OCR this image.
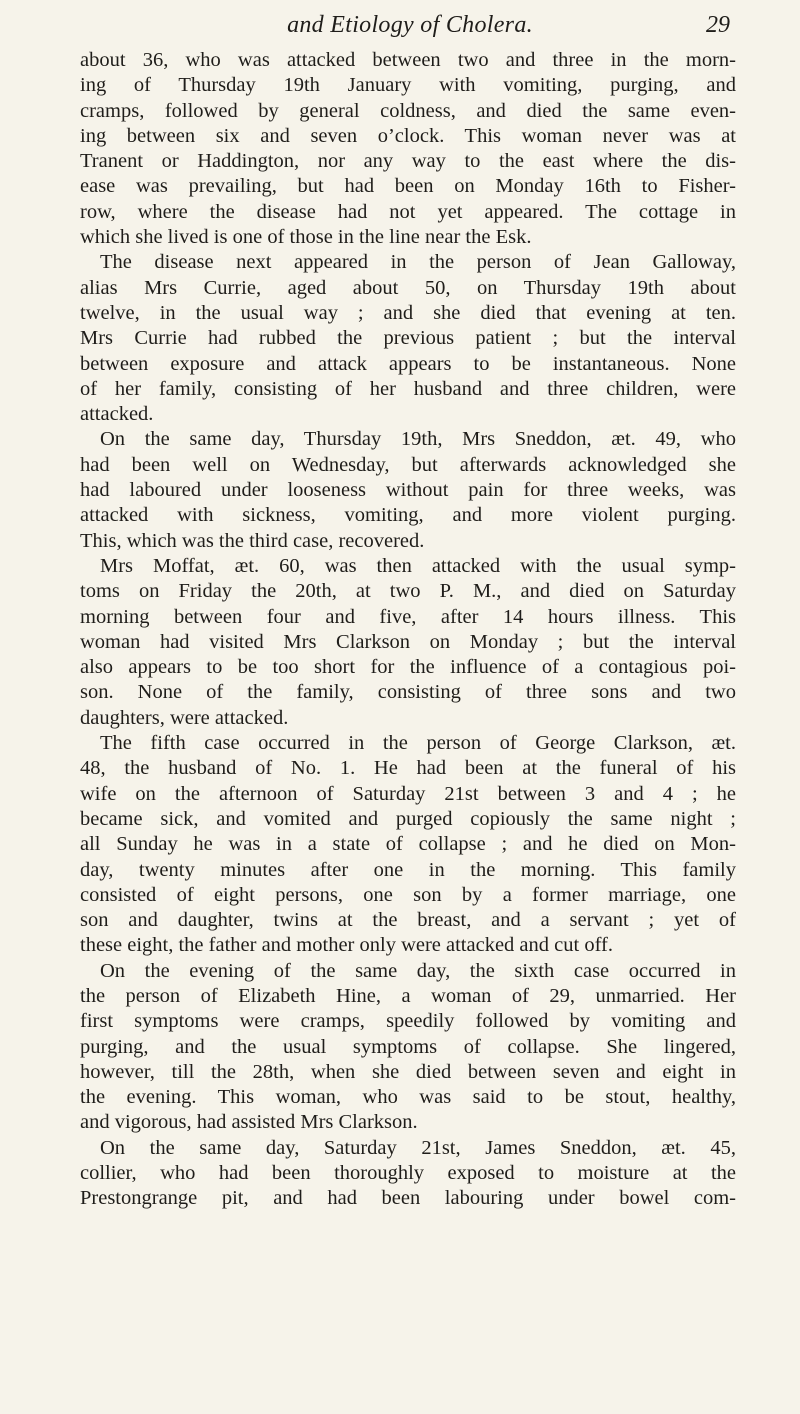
and Etiology of Cholera.	29
about 36, who was attacked between two and three in the morn-
ing of Thursday 19th January with vomiting, purging, and
cramps, followed by general coldness, and died the same even-
ing between six and seven o’clock. This woman never was at
Tranent or Haddington, nor any way to the east where the dis-
ease was prevailing, but had been on Monday 16th to Fisher-
row, where the disease had not yet appeared. The cottage in
which she lived is one of those in the line near the Esk.
The disease next appeared in the person of Jean Galloway,
alias Mrs Currie, aged about 50, on Thursday 19th about
twelve, in the usual way ; and she died that evening at ten.
Mrs Currie had rubbed the previous patient ; but the interval
between exposure and attack appears to be instantaneous. None
of her family, consisting of her husband and three children, were
attacked.
On the same day, Thursday 19th, Mrs Sneddon, æt. 49, who
had been well on Wednesday, but afterwards acknowledged she
had laboured under looseness without pain for three weeks, was
attacked with sickness, vomiting, and more violent purging.
This, which was the third case, recovered.
Mrs Moffat, æt. 60, was then attacked with the usual symp-
toms on Friday the 20th, at two P. M., and died on Saturday
morning between four and five, after 14 hours illness. This
woman had visited Mrs Clarkson on Monday ; but the interval
also appears to be too short for the influence of a contagious poi-
son. None of the family, consisting of three sons and two
daughters, were attacked.
The fifth case occurred in the person of George Clarkson, æt.
48, the husband of No. 1. He had been at the funeral of his
wife on the afternoon of Saturday 21st between 3 and 4 ; he
became sick, and vomited and purged copiously the same night ;
all Sunday he was in a state of collapse ; and he died on Mon-
day, twenty minutes after one in the morning. This family
consisted of eight persons, one son by a former marriage, one
son and daughter, twins at the breast, and a servant ; yet of
these eight, the father and mother only were attacked and cut off.
On the evening of the same day, the sixth case occurred in
the person of Elizabeth Hine, a woman of 29, unmarried. Her
first symptoms were cramps, speedily followed by vomiting and
purging, and the usual symptoms of collapse. She lingered,
however, till the 28th, when she died between seven and eight in
the evening. This woman, who was said to be stout, healthy,
and vigorous, had assisted Mrs Clarkson.
On the same day, Saturday 21st, James Sneddon, æt. 45,
collier, who had been thoroughly exposed to moisture at the
Prestongrange pit, and had been labouring under bowel com-
